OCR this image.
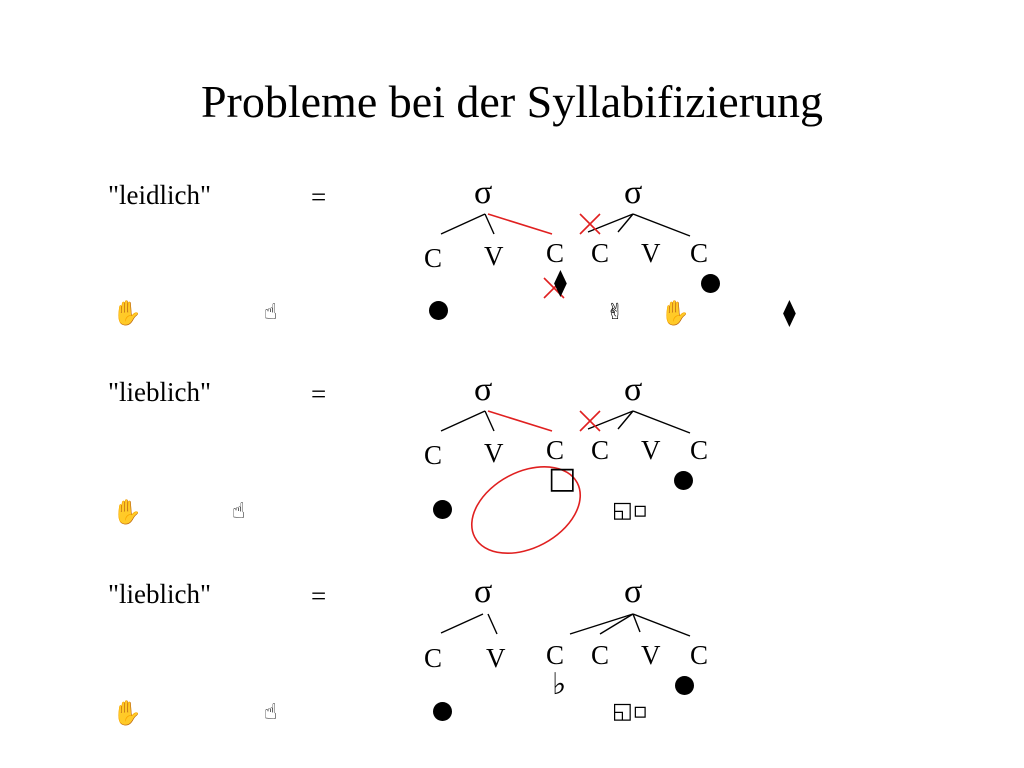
Probleme bei der Syllabifizierung
"leidlich"	=	σ	σ
C V C C V C
⧫
✋	☝	✌ ✋	⧫
"lieblich"	=	σ	σ
C V C C V C
□
✋	☝	◱▫
"lieblich"	=	σ	σ
C V C C V C
♭
✋	☝	◱▫
